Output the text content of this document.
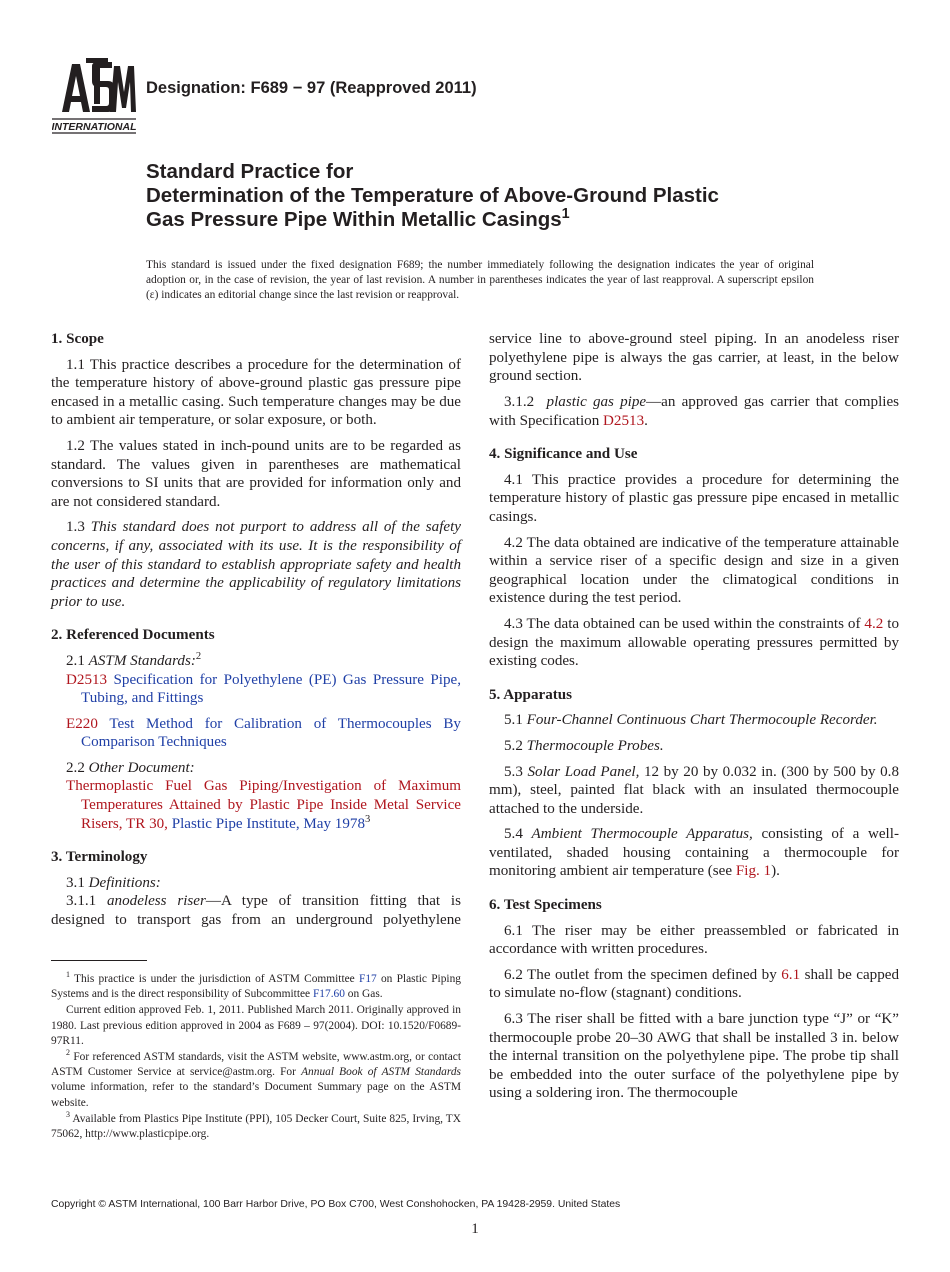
INTERNATIONAL
Designation: F689 − 97 (Reapproved 2011)
Standard Practice for
Determination of the Temperature of Above-Ground Plastic
Gas Pressure Pipe Within Metallic Casings$^1$
This standard is issued under the fixed designation F689; the number immediately following the designation indicates the year of original adoption or, in the case of revision, the year of last revision. A number in parentheses indicates the year of last reapproval. A superscript epsilon (ε) indicates an editorial change since the last revision or reapproval.
1. Scope

1.1 This practice describes a procedure for the determination of the temperature history of above-ground plastic gas pressure pipe encased in a metallic casing. Such temperature changes may be due to ambient air temperature, or solar exposure, or both.

1.2 The values stated in inch-pound units are to be regarded as standard. The values given in parentheses are mathematical conversions to SI units that are provided for information only and are not considered standard.

1.3 This standard does not purport to address all of the safety concerns, if any, associated with its use. It is the responsibility of the user of this standard to establish appropriate safety and health practices and determine the applicability of regulatory limitations prior to use.

2. Referenced Documents

2.1 ASTM Standards:$^2$

D2513 Specification for Polyethylene (PE) Gas Pressure Pipe, Tubing, and Fittings

E220 Test Method for Calibration of Thermocouples By Comparison Techniques

2.2 Other Document:

Thermoplastic Fuel Gas Piping/Investigation of Maximum Temperatures Attained by Plastic Pipe Inside Metal Service Risers, TR 30, Plastic Pipe Institute, May 1978$^3$

3. Terminology

3.1 Definitions:

3.1.1 anodeless riser—A type of transition fitting that is designed to transport gas from an underground polyethylene

service line to above-ground steel piping. In an anodeless riser polyethylene pipe is always the gas carrier, at least, in the below ground section.

3.1.2 plastic gas pipe—an approved gas carrier that complies with Specification D2513.

4. Significance and Use

4.1 This practice provides a procedure for determining the temperature history of plastic gas pressure pipe encased in metallic casings.

4.2 The data obtained are indicative of the temperature attainable within a service riser of a specific design and size in a given geographical location under the climatogical conditions in existence during the test period.

4.3 The data obtained can be used within the constraints of 4.2 to design the maximum allowable operating pressures permitted by existing codes.

5. Apparatus

5.1 Four-Channel Continuous Chart Thermocouple Recorder.

5.2 Thermocouple Probes.

5.3 Solar Load Panel, 12 by 20 by 0.032 in. (300 by 500 by 0.8 mm), steel, painted flat black with an insulated thermocouple attached to the underside.

5.4 Ambient Thermocouple Apparatus, consisting of a well-ventilated, shaded housing containing a thermocouple for monitoring ambient air temperature (see Fig. 1).

6. Test Specimens

6.1 The riser may be either preassembled or fabricated in accordance with written procedures.

6.2 The outlet from the specimen defined by 6.1 shall be capped to simulate no-flow (stagnant) conditions.

6.3 The riser shall be fitted with a bare junction type “J” or “K” thermocouple probe 20–30 AWG that shall be installed 3 in. below the internal transition on the polyethylene pipe. The probe tip shall be embedded into the outer surface of the polyethylene pipe by using a soldering iron. The thermocouple

$^1$ This practice is under the jurisdiction of ASTM Committee F17 on Plastic Piping Systems and is the direct responsibility of Subcommittee F17.60 on Gas.

Current edition approved Feb. 1, 2011. Published March 2011. Originally approved in 1980. Last previous edition approved in 2004 as F689 – 97(2004). DOI: 10.1520/F0689-97R11.

$^2$ For referenced ASTM standards, visit the ASTM website, www.astm.org, or contact ASTM Customer Service at service@astm.org. For Annual Book of ASTM Standards volume information, refer to the standard’s Document Summary page on the ASTM website.

$^3$ Available from Plastics Pipe Institute (PPI), 105 Decker Court, Suite 825, Irving, TX 75062, http://www.plasticpipe.org.

Copyright © ASTM International, 100 Barr Harbor Drive, PO Box C700, West Conshohocken, PA 19428-2959. United States
1
